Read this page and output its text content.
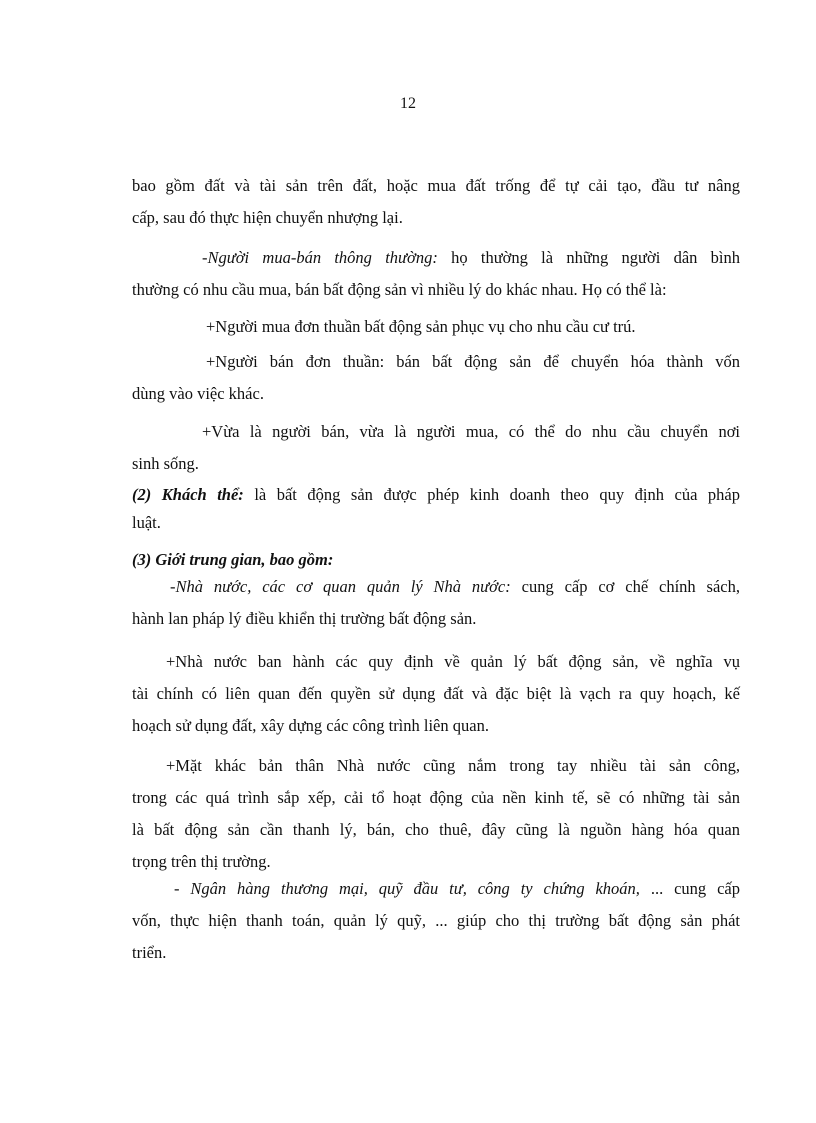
12
bao gồm đất và tài sản trên đất, hoặc mua đất trống để tự cải tạo, đầu tư nâng
cấp, sau đó thực hiện chuyển nhượng lại.
-Người mua-bán thông thường: họ thường là những người dân bình
thường có nhu cầu mua, bán bất động sản vì nhiều lý do khác nhau. Họ có thể là:
+Người mua đơn thuần bất động sản phục vụ cho nhu cầu cư trú.
+Người bán đơn thuần: bán bất động sản để chuyển hóa thành vốn
dùng vào việc khác.
+Vừa là người bán, vừa là người mua, có thể do nhu cầu chuyển nơi
sinh sống.
(2) Khách thể: là bất động sản được phép kinh doanh theo quy định của pháp
luật.
(3) Giới trung gian, bao gồm:
-Nhà nước, các cơ quan quản lý Nhà nước: cung cấp cơ chế chính sách,
hành lan pháp lý điều khiển thị trường bất động sản.
+Nhà nước ban hành các quy định về quản lý bất động sản, về nghĩa vụ
tài chính có liên quan đến quyền sử dụng đất và đặc biệt là vạch ra quy hoạch, kế
hoạch sử dụng đất, xây dựng các công trình liên quan.
+Mặt khác bản thân Nhà nước cũng nắm trong tay nhiều tài sản công,
trong các quá trình sắp xếp, cải tổ hoạt động của nền kinh tế, sẽ có những tài sản
là bất động sản cần thanh lý, bán, cho thuê, đây cũng là nguồn hàng hóa quan
trọng trên thị trường.
- Ngân hàng thương mại, quỹ đầu tư, công ty chứng khoán, ... cung cấp
vốn, thực hiện thanh toán, quản lý quỹ, ... giúp cho thị trường bất động sản phát
triển.
